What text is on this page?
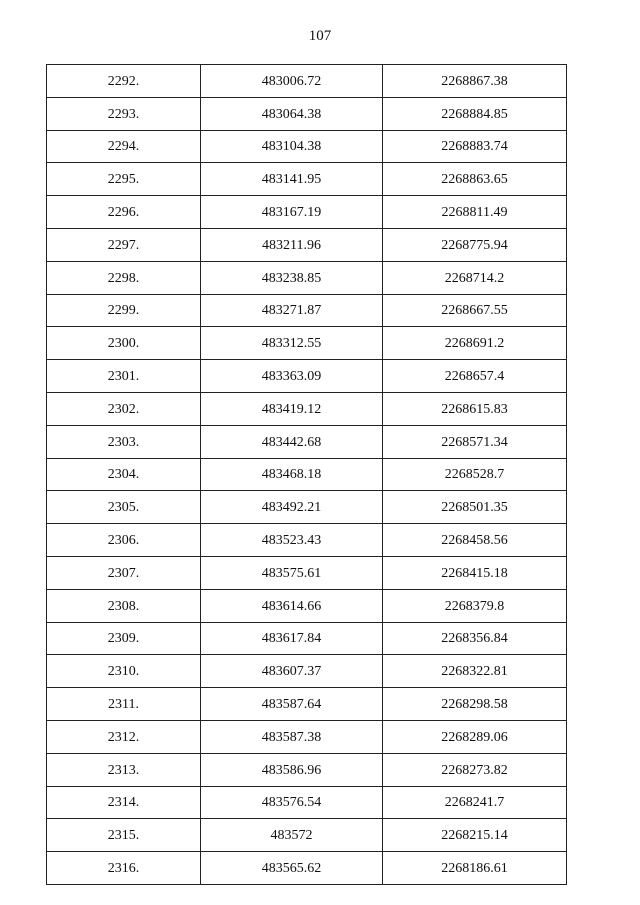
107
2292.	483006.72	2268867.38
2293.	483064.38	2268884.85
2294.	483104.38	2268883.74
2295.	483141.95	2268863.65
2296.	483167.19	2268811.49
2297.	483211.96	2268775.94
2298.	483238.85	2268714.2
2299.	483271.87	2268667.55
2300.	483312.55	2268691.2
2301.	483363.09	2268657.4
2302.	483419.12	2268615.83
2303.	483442.68	2268571.34
2304.	483468.18	2268528.7
2305.	483492.21	2268501.35
2306.	483523.43	2268458.56
2307.	483575.61	2268415.18
2308.	483614.66	2268379.8
2309.	483617.84	2268356.84
2310.	483607.37	2268322.81
2311.	483587.64	2268298.58
2312.	483587.38	2268289.06
2313.	483586.96	2268273.82
2314.	483576.54	2268241.7
2315.	483572	2268215.14
2316.	483565.62	2268186.61
